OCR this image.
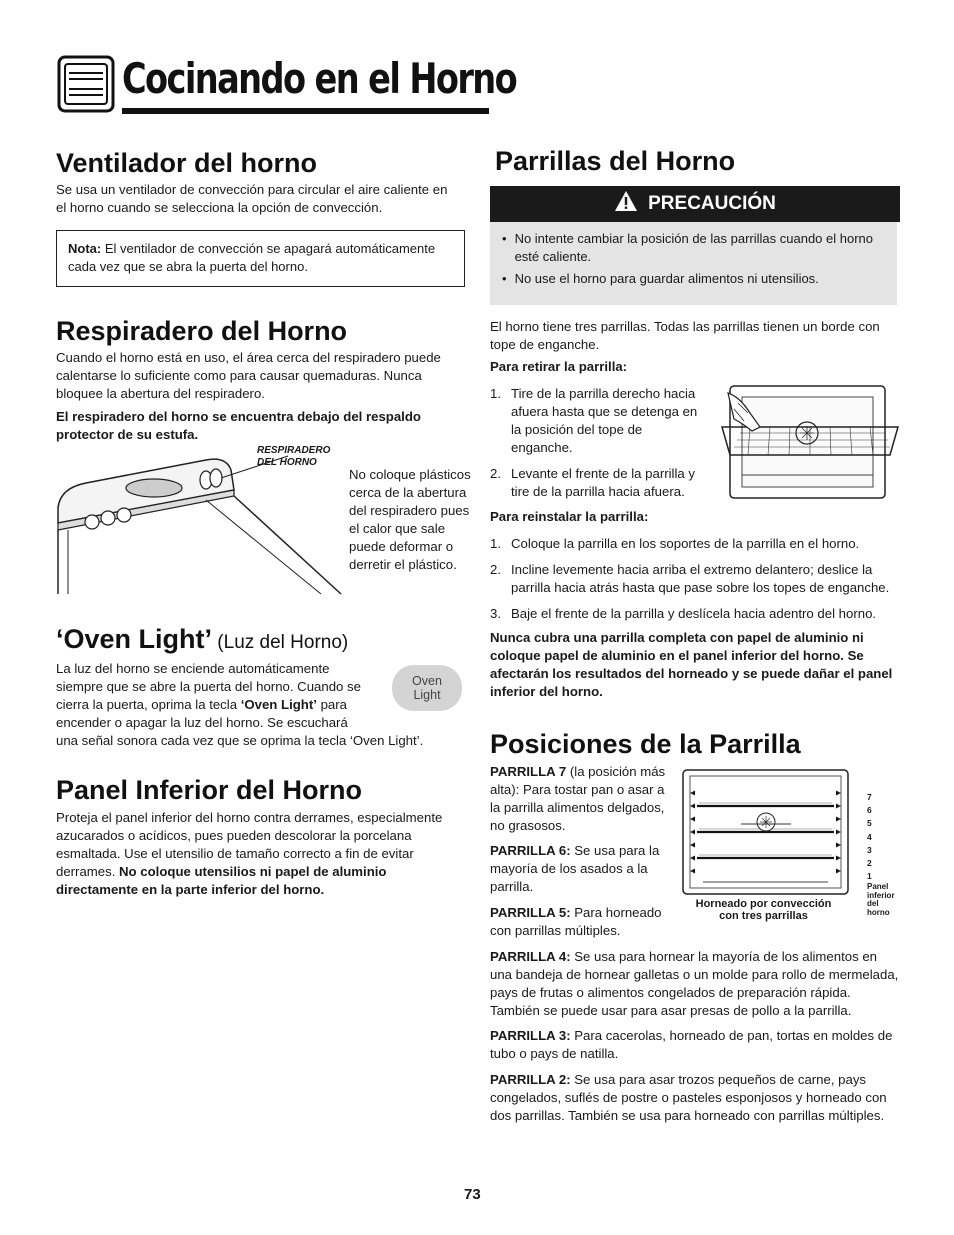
Cocinando en el Horno
Ventilador del horno

Se usa un ventilador de convección para circular el aire caliente en el horno cuando se selecciona la opción de convección.

Nota: El ventilador de convección se apagará automáticamente cada vez que se abra la puerta del horno.
Respiradero del Horno

Cuando el horno está en uso, el área cerca del respiradero puede calentarse lo suficiente como para causar quemaduras. Nunca bloquee la abertura del respiradero.

El respiradero del horno se encuentra debajo del respaldo protector de su estufa.

RESPIRADERO
DEL HORNO

No coloque plásticos cerca de la abertura del respiradero pues el calor que sale puede deformar o derretir el plástico.

‘Oven Light’ (Luz del Horno)

La luz del horno se enciende automáticamente siempre que se abre la puerta del horno. Cuando se cierra la puerta, oprima la tecla ‘Oven Light’ para encender o apagar la luz del horno. Se escuchará

una señal sonora cada vez que se oprima la tecla ‘Oven Light’.

Oven
Light
Panel Inferior del Horno

Proteja el panel inferior del horno contra derrames, especialmente azucarados o acídicos, pues pueden descolorar la porcelana esmaltada. Use el utensilio de tamaño correcto a fin de evitar derrames. No coloque utensilios ni papel de aluminio directamente en la parte inferior del horno.

Parrillas del Horno
PRECAUCIÓN
• No intente cambiar la posición de las parrillas cuando el horno esté caliente.
• No use el horno para guardar alimentos ni utensilios.

El horno tiene tres parrillas. Todas las parrillas tienen un borde con tope de enganche.

Para retirar la parrilla:

1. Tire de la parrilla derecho hacia afuera hasta que se detenga en la posición del tope de enganche.
2. Levante el frente de la parrilla y tire de la parrilla hacia afuera.

Para reinstalar la parrilla:

1. Coloque la parrilla en los soportes de la parrilla en el horno.
2. Incline levemente hacia arriba el extremo delantero; deslice la parrilla hacia atrás hasta que pase sobre los topes de enganche.
3. Baje el frente de la parrilla y deslícela hacia adentro del horno.

Nunca cubra una parrilla completa con papel de aluminio ni coloque papel de aluminio en el panel inferior del horno. Se afectarán los resultados del horneado y se puede dañar el panel inferior del horno.

Posiciones de la Parrilla

PARRILLA 7 (la posición más alta): Para tostar pan o asar a la parrilla alimentos delgados, no grasosos.

PARRILLA 6: Se usa para la mayoría de los asados a la parrilla.

PARRILLA 5: Para horneado con parrillas múltiples.

7
6
5
4
3
2
1
Panel
inferior
del
horno
Horneado por convección
con tres parrillas

PARRILLA 4: Se usa para hornear la mayoría de los alimentos en una bandeja de hornear galletas o un molde para rollo de mermelada, pays de frutas o alimentos congelados de preparación rápida. También se puede usar para asar presas de pollo a la parrilla.

PARRILLA 3: Para cacerolas, horneado de pan, tortas en moldes de tubo o pays de natilla.

PARRILLA 2: Se usa para asar trozos pequeños de carne, pays congelados, suflés de postre o pasteles esponjosos y horneado con dos parrillas. También se usa para horneado con parrillas múltiples.

73
